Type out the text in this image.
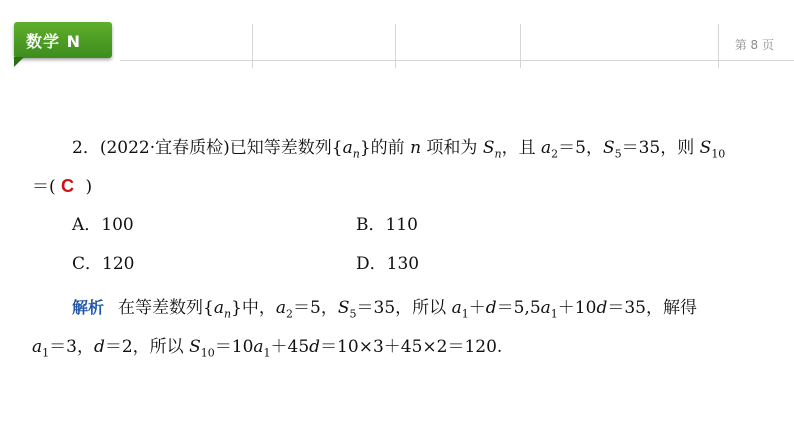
数学 N	第 8 页
2．(2022·宜春质检)已知等差数列$\{a_n\}$的前 n 项和为 $S_n$，且 $a_2=5$，$S_5=35$，则 $S_{10}$
＝( C )
A．100	B．110
C．120	D．130
解析 在等差数列$\{a_n\}$中，$a_2=5$，$S_5=35$，所以 $a_1+d=5,5a_1+10d=35$，解得
$a_1=3$，d＝2，所以 $S_{10}=10a_1+45d=10\times 3+45\times 2=120$.
